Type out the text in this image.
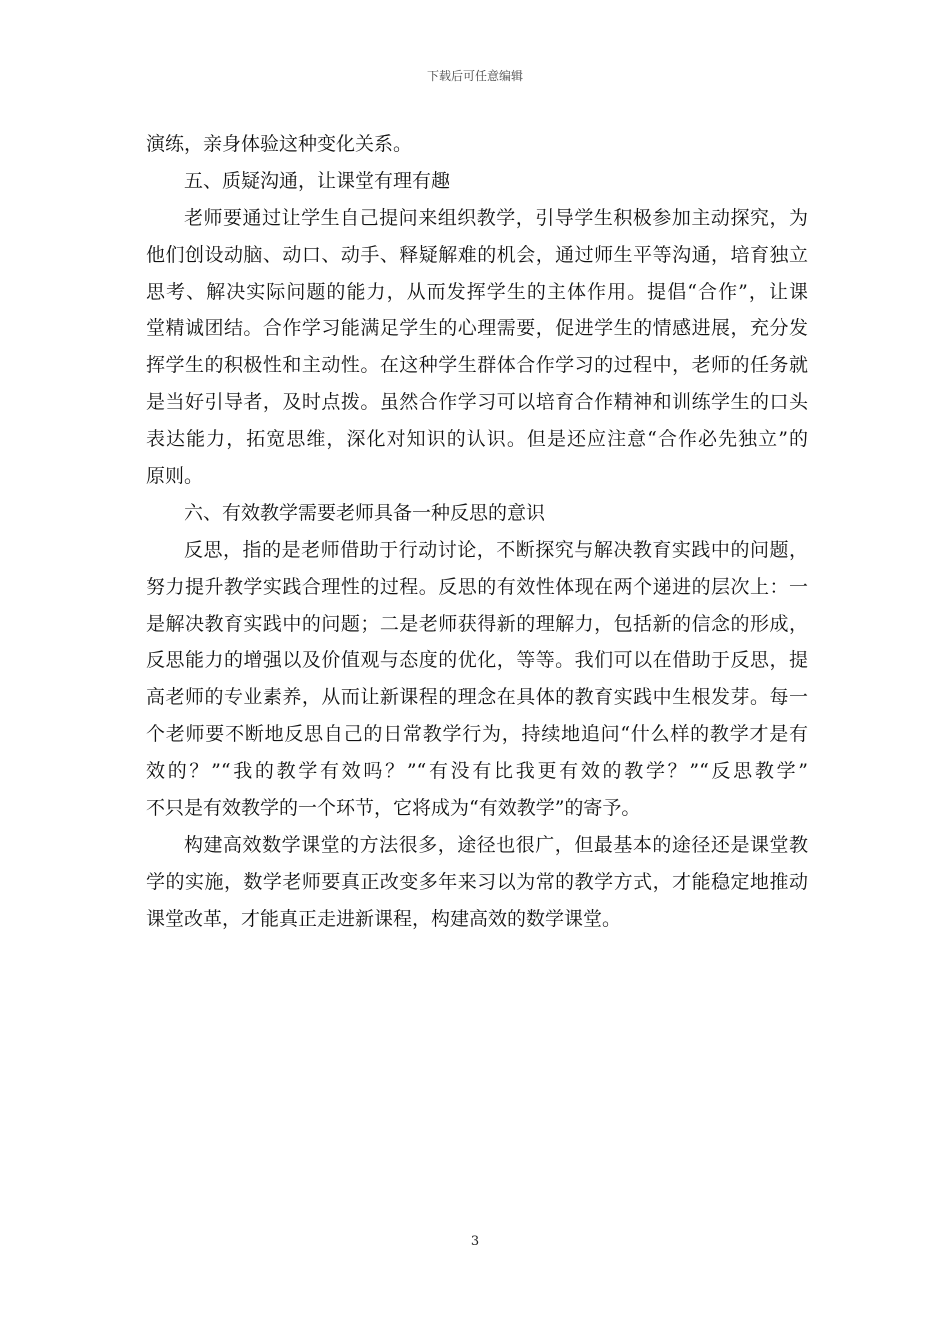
下载后可任意编辑
演练，亲身体验这种变化关系。
五、质疑沟通，让课堂有理有趣
老师要通过让学生自己提问来组织教学，引导学生积极参加主动探究，为
他们创设动脑、动口、动手、释疑解难的机会，通过师生平等沟通，培育独立
思考、解决实际问题的能力，从而发挥学生的主体作用。提倡“合作”，让课
堂精诚团结。合作学习能满足学生的心理需要，促进学生的情感进展，充分发
挥学生的积极性和主动性。在这种学生群体合作学习的过程中，老师的任务就
是当好引导者，及时点拨。虽然合作学习可以培育合作精神和训练学生的口头
表达能力，拓宽思维，深化对知识的认识。但是还应注意“合作必先独立”的
原则。
六、有效教学需要老师具备一种反思的意识
反思，指的是老师借助于行动讨论，不断探究与解决教育实践中的问题，
努力提升教学实践合理性的过程。反思的有效性体现在两个递进的层次上：一
是解决教育实践中的问题；二是老师获得新的理解力，包括新的信念的形成，
反思能力的增强以及价值观与态度的优化，等等。我们可以在借助于反思，提
高老师的专业素养，从而让新课程的理念在具体的教育实践中生根发芽。每一
个老师要不断地反思自己的日常教学行为，持续地追问“什么样的教学才是有
效的？”“我的教学有效吗？”“有没有比我更有效的教学？”“反思教学”
不只是有效教学的一个环节，它将成为“有效教学”的寄予。
构建高效数学课堂的方法很多，途径也很广，但最基本的途径还是课堂教
学的实施，数学老师要真正改变多年来习以为常的教学方式，才能稳定地推动
课堂改革，才能真正走进新课程，构建高效的数学课堂。
3
